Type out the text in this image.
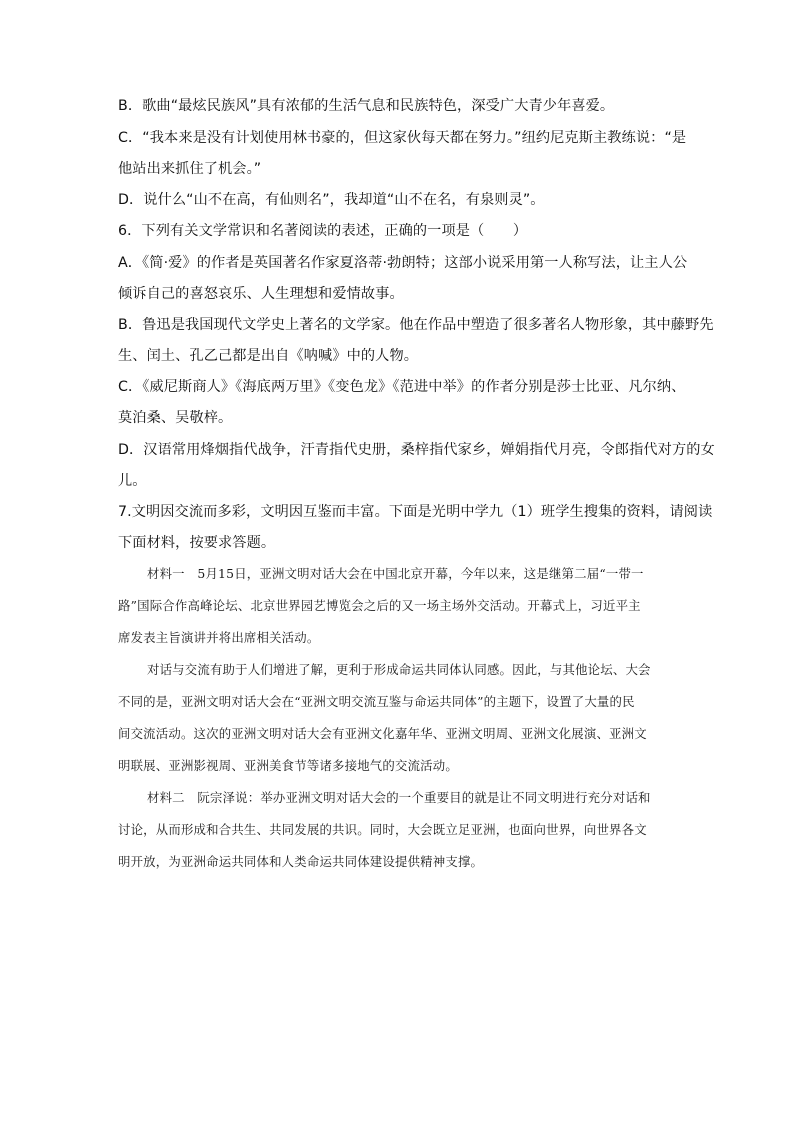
B．歌曲“最炫民族风”具有浓郁的生活气息和民族特色，深受广大青少年喜爱。
C．“我本来是没有计划使用林书豪的，但这家伙每天都在努力。”纽约尼克斯主教练说：“是
他站出来抓住了机会。”
D．说什么“山不在高，有仙则名”，我却道“山不在名，有泉则灵”。
6．下列有关文学常识和名著阅读的表述，正确的一项是（　　）
A．《简·爱》的作者是英国著名作家夏洛蒂·勃朗特；这部小说采用第一人称写法，让主人公
倾诉自己的喜怒哀乐、人生理想和爱情故事。
B．鲁迅是我国现代文学史上著名的文学家。他在作品中塑造了很多著名人物形象，其中藤野先
生、闰土、孔乙己都是出自《呐喊》中的人物。
C．《威尼斯商人》《海底两万里》《变色龙》《范进中举》的作者分别是莎士比亚、凡尔纳、
莫泊桑、吴敬梓。
D．汉语常用烽烟指代战争，汗青指代史册，桑梓指代家乡，婵娟指代月亮，令郎指代对方的女
儿。
7.文明因交流而多彩，文明因互鉴而丰富。下面是光明中学九（1）班学生搜集的资料，请阅读
下面材料，按要求答题。
材料一　5月15日，亚洲文明对话大会在中国北京开幕，今年以来，这是继第二届“一带一
路”国际合作高峰论坛、北京世界园艺博览会之后的又一场主场外交活动。开幕式上，习近平主
席发表主旨演讲并将出席相关活动。
对话与交流有助于人们增进了解，更利于形成命运共同体认同感。因此，与其他论坛、大会
不同的是，亚洲文明对话大会在“亚洲文明交流互鉴与命运共同体”的主题下，设置了大量的民
间交流活动。这次的亚洲文明对话大会有亚洲文化嘉年华、亚洲文明周、亚洲文化展演、亚洲文
明联展、亚洲影视周、亚洲美食节等诸多接地气的交流活动。
材料二　阮宗泽说：举办亚洲文明对话大会的一个重要目的就是让不同文明进行充分对话和
讨论，从而形成和合共生、共同发展的共识。同时，大会既立足亚洲，也面向世界，向世界各文
明开放，为亚洲命运共同体和人类命运共同体建设提供精神支撑。
